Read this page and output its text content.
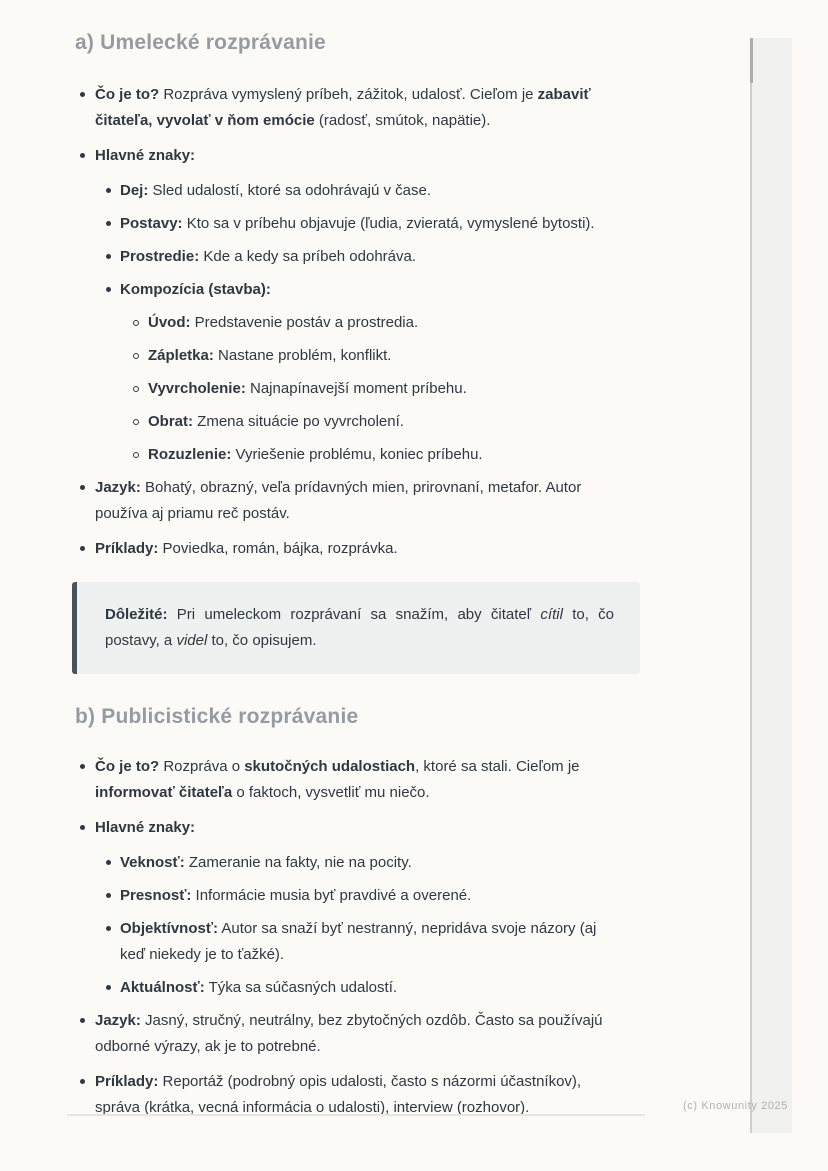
a) Umelecké rozprávanie
Čo je to? Rozpráva vymyslený príbeh, zážitok, udalosť. Cieľom je zabaviť čitateľa, vyvolať v ňom emócie (radosť, smútok, napätie).
Hlavné znaky:
Dej: Sled udalostí, ktoré sa odohrávajú v čase.
Postavy: Kto sa v príbehu objavuje (ľudia, zvieratá, vymyslené bytosti).
Prostredie: Kde a kedy sa príbeh odohráva.
Kompozícia (stavba):
Úvod: Predstavenie postáv a prostredia.
Zápletka: Nastane problém, konflikt.
Vyvrcholenie: Najnapínavejší moment príbehu.
Obrat: Zmena situácie po vyvrcholení.
Rozuzlenie: Vyriešenie problému, koniec príbehu.
Jazyk: Bohatý, obrazný, veľa prídavných mien, prirovnaní, metafor. Autor používa aj priamu reč postáv.
Príklady: Poviedka, román, bájka, rozprávka.

Dôležité: Pri umeleckom rozprávaní sa snažím, aby čitateľ cítil to, čo postavy, a videl to, čo opisujem.

b) Publicistické rozprávanie
Čo je to? Rozpráva o skutočných udalostiach, ktoré sa stali. Cieľom je informovať čitateľa o faktoch, vysvetliť mu niečo.
Hlavné znaky:
Veknosť: Zameranie na fakty, nie na pocity.
Presnosť: Informácie musia byť pravdivé a overené.
Objektívnosť: Autor sa snaží byť nestranný, nepridáva svoje názory (aj keď niekedy je to ťažké).
Aktuálnosť: Týka sa súčasných udalostí.
Jazyk: Jasný, stručný, neutrálny, bez zbytočných ozdôb. Často sa používajú odborné výrazy, ak je to potrebné.
Príklady: Reportáž (podrobný opis udalosti, často s názormi účastníkov), správa (krátka, vecná informácia o udalosti), interview (rozhovor).	(c) Knowunity 2025
